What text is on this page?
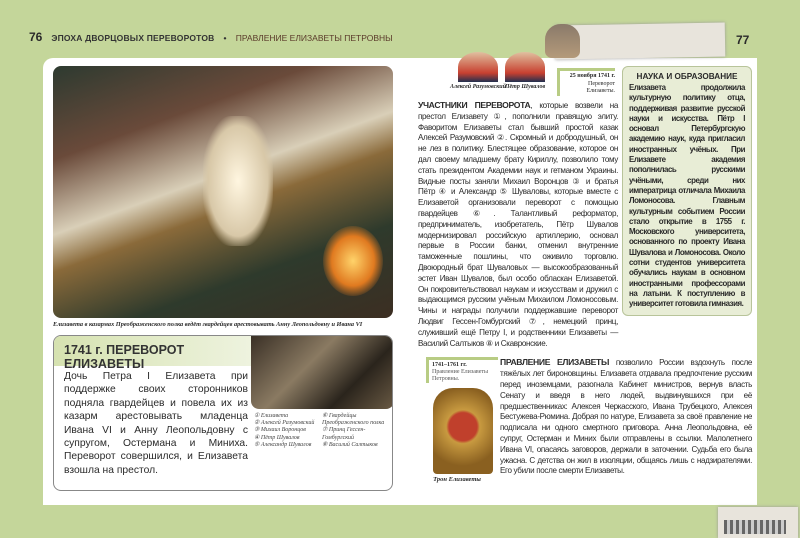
76 ЭПОХА ДВОРЦОВЫХ ПЕРЕВОРОТОВ • ПРАВЛЕНИЕ ЕЛИЗАВЕТЫ ПЕТРОВНЫ	77
Елизавета в казармах Преображенского полка ведёт гвардейцев арестовывать Анну Леопольдовну и Ивана VI
1741 г. ПЕРЕВОРОТ ЕЛИЗАВЕТЫ
Дочь Петра I Елизавета при поддержке своих сторонников подняла гвардейцев и повела их из казарм арестовывать младенца Ивана VI и Анну Леопольдовну с супругом, Остермана и Миниха. Переворот совершился, и Елизавета взошла на престол.
① Елизавета
② Алексей Разумовский
③ Михаил Воронцов
④ Пётр Шувалов
⑤ Александр Шувалов
⑥ Гвардейцы Преображенского полка
⑦ Принц Гессен-Гомбургский
⑧ Василий Салтыков
Алексей Разумовский
Пётр Шувалов
25 ноября 1741 г.
Переворот Елизаветы.
УЧАСТНИКИ ПЕРЕВОРОТА, которые возвели на престол Елизавету ①, пополнили правящую элиту. Фаворитом Елизаветы стал бывший простой казак Алексей Разумовский ②. Скромный и добродушный, он не лез в политику. Блестящее образование, которое он дал своему младшему брату Кириллу, позволило тому стать президентом Академии наук и гетманом Украины. Видные посты заняли Михаил Воронцов ③ и братья Пётр ④ и Александр ⑤ Шуваловы, которые вместе с Елизаветой организовали переворот с помощью гвардейцев ⑥. Талантливый реформатор, предприниматель, изобретатель, Пётр Шувалов модернизировал российскую артиллерию, основал первые в России банки, отменил внутренние таможенные пошлины, что оживило торговлю. Двоюродный брат Шуваловых — высокообразованный эстет Иван Шувалов, был особо обласкан Елизаветой. Он покровительствовал наукам и искусствам и дружил с выдающимся русским учёным Михаилом Ломоносовым. Чины и награды получили поддержавшие переворот Людвиг Гессен-Гомбургский ⑦, немецкий принц, служивший ещё Петру I, и родственники Елизаветы — Василий Салтыков ⑧ и Скавронские.
1741–1761 гг.
Правление Елизаветы Петровны.
Трон Елизаветы
ПРАВЛЕНИЕ ЕЛИЗАВЕТЫ позволило России вздохнуть после тяжёлых лет бироновщины. Елизавета отдавала предпочтение русским перед иноземцами, разогнала Кабинет министров, вернув власть Сенату и введя в него людей, выдвинувшихся при её предшественниках: Алексея Черкасского, Ивана Трубецкого, Алексея Бестужева-Рюмина. Добрая по натуре, Елизавета за своё правление не подписала ни одного смертного приговора. Анна Леопольдовна, её супруг, Остерман и Миних были отправлены в ссылки. Малолетнего Ивана VI, опасаясь заговоров, держали в заточении. Судьба его была ужасна. С детства он жил в изоляции, общаясь лишь с надзирателями. Его убили после смерти Елизаветы.
НАУКА И ОБРАЗОВАНИЕ

Елизавета продолжила культурную политику отца, поддерживая развитие русской науки и искусства. Пётр I основал Петербургскую академию наук, куда пригласил иностранных учёных. При Елизавете академия пополнилась русскими учёными, среди них императрица отличала Михаила Ломоносова. Главным культурным событием России стало открытие в 1755 г. Московского университета, основанного по проекту Ивана Шувалова и Ломоносова. Около сотни студентов университета обучались наукам в основном иностранными профессорами на латыни. К поступлению в университет готовила гимназия.
